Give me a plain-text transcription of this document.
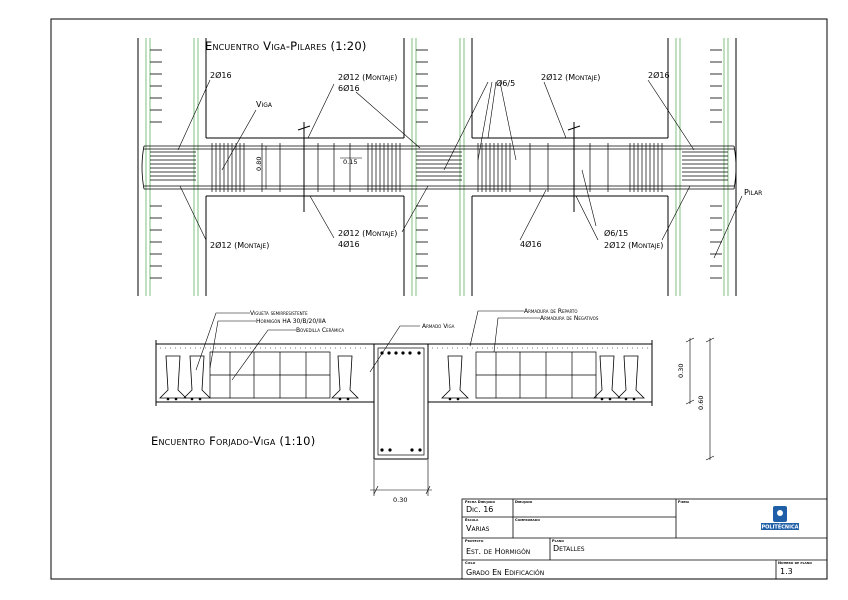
Encuentro Viga-Pilares (1:20)
2Ø16
Viga
2Ø12 (Montaje)
6Ø16
Ø6/5
2Ø12 (Montaje)	2Ø16
Pilar
0.80	0.15
2Ø12 (Montaje)
2Ø12 (Montaje)
4Ø16	4Ø16
Ø6/15
2Ø12 (Montaje)
Vigueta semirresistente
Hormigón HA 30/B/20/IIA
Bovedilla Cerámica
Armado Viga
Armadura de Reparto
Armadura de Negativos
0.30
0.60
0.30
Encuentro Forjado-Viga (1:10)
Fecha Dibujado
Dic. 16
Dibujado	Firma
Escala
Varias
Comprobado
Proyecto
Est. de Hormigón
Plano
Detalles
Ciclo
Grado En Edificación
Número de plano
1.3
POLITÉCNICA
